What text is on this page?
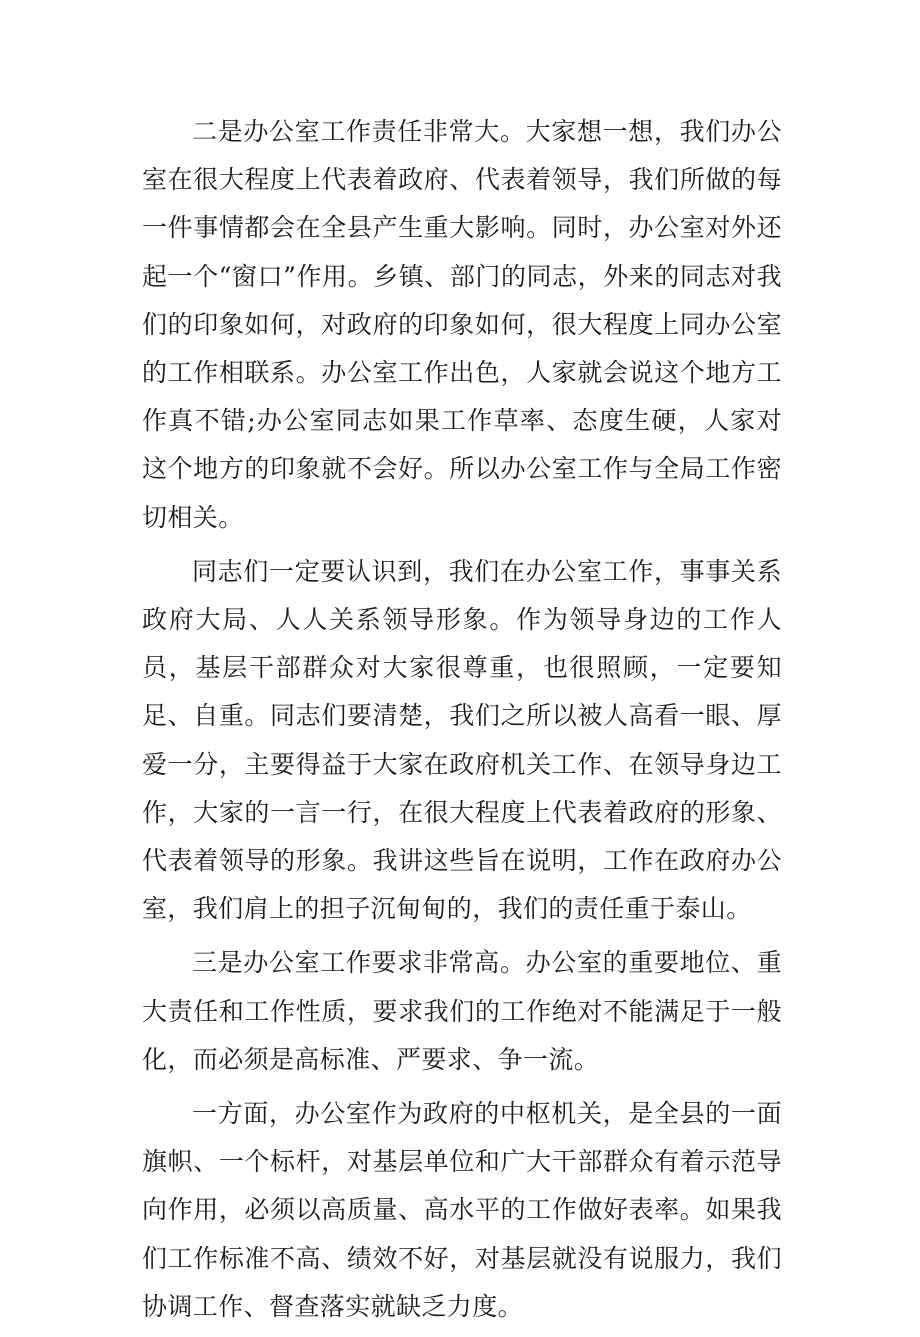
二是办公室工作责任非常大。大家想一想，我们办公室在很大程度上代表着政府、代表着领导，我们所做的每一件事情都会在全县产生重大影响。同时，办公室对外还起一个“窗口”作用。乡镇、部门的同志，外来的同志对我们的印象如何，对政府的印象如何，很大程度上同办公室的工作相联系。办公室工作出色，人家就会说这个地方工作真不错;办公室同志如果工作草率、态度生硬，人家对这个地方的印象就不会好。所以办公室工作与全局工作密切相关。

同志们一定要认识到，我们在办公室工作，事事关系政府大局、人人关系领导形象。作为领导身边的工作人员，基层干部群众对大家很尊重，也很照顾，一定要知足、自重。同志们要清楚，我们之所以被人高看一眼、厚爱一分，主要得益于大家在政府机关工作、在领导身边工作，大家的一言一行，在很大程度上代表着政府的形象、代表着领导的形象。我讲这些旨在说明，工作在政府办公室，我们肩上的担子沉甸甸的，我们的责任重于泰山。

三是办公室工作要求非常高。办公室的重要地位、重大责任和工作性质，要求我们的工作绝对不能满足于一般化，而必须是高标准、严要求、争一流。

一方面，办公室作为政府的中枢机关，是全县的一面旗帜、一个标杆，对基层单位和广大干部群众有着示范导向作用，必须以高质量、高水平的工作做好表率。如果我们工作标准不高、绩效不好，对基层就没有说服力，我们协调工作、督查落实就缺乏力度。
